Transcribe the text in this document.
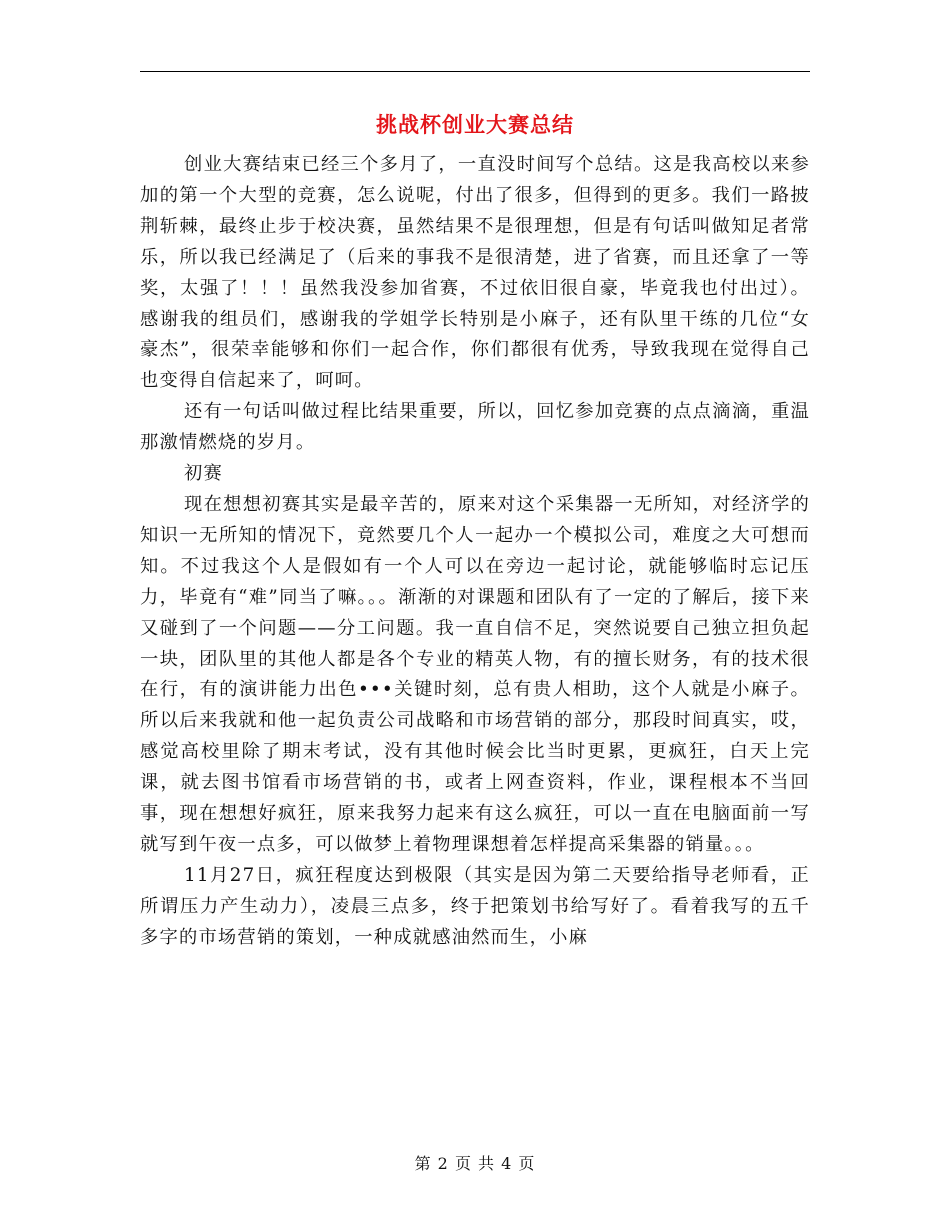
挑战杯创业大赛总结

创业大赛结束已经三个多月了，一直没时间写个总结。这是我高校以来参加的第一个大型的竞赛，怎么说呢，付出了很多，但得到的更多。我们一路披荆斩棘，最终止步于校决赛，虽然结果不是很理想，但是有句话叫做知足者常乐，所以我已经满足了（后来的事我不是很清楚，进了省赛，而且还拿了一等奖，太强了！！！虽然我没参加省赛，不过依旧很自豪，毕竟我也付出过）。感谢我的组员们，感谢我的学姐学长特别是小麻子，还有队里干练的几位“女豪杰”，很荣幸能够和你们一起合作，你们都很有优秀，导致我现在觉得自己也变得自信起来了，呵呵。

还有一句话叫做过程比结果重要，所以，回忆参加竞赛的点点滴滴，重温那激情燃烧的岁月。

初赛

现在想想初赛其实是最辛苦的，原来对这个采集器一无所知，对经济学的知识一无所知的情况下，竟然要几个人一起办一个模拟公司，难度之大可想而知。不过我这个人是假如有一个人可以在旁边一起讨论，就能够临时忘记压力，毕竟有“难”同当了嘛。。。渐渐的对课题和团队有了一定的了解后，接下来又碰到了一个问题——分工问题。我一直自信不足，突然说要自己独立担负起一块，团队里的其他人都是各个专业的精英人物，有的擅长财务，有的技术很在行，有的演讲能力出色•••关键时刻，总有贵人相助，这个人就是小麻子。所以后来我就和他一起负责公司战略和市场营销的部分，那段时间真实，哎，感觉高校里除了期末考试，没有其他时候会比当时更累，更疯狂，白天上完课，就去图书馆看市场营销的书，或者上网查资料，作业，课程根本不当回事，现在想想好疯狂，原来我努力起来有这么疯狂，可以一直在电脑面前一写就写到午夜一点多，可以做梦上着物理课想着怎样提高采集器的销量。。。

11月27日，疯狂程度达到极限（其实是因为第二天要给指导老师看，正所谓压力产生动力），凌晨三点多，终于把策划书给写好了。看着我写的五千多字的市场营销的策划，一种成就感油然而生，小麻

第 2 页 共 4 页
